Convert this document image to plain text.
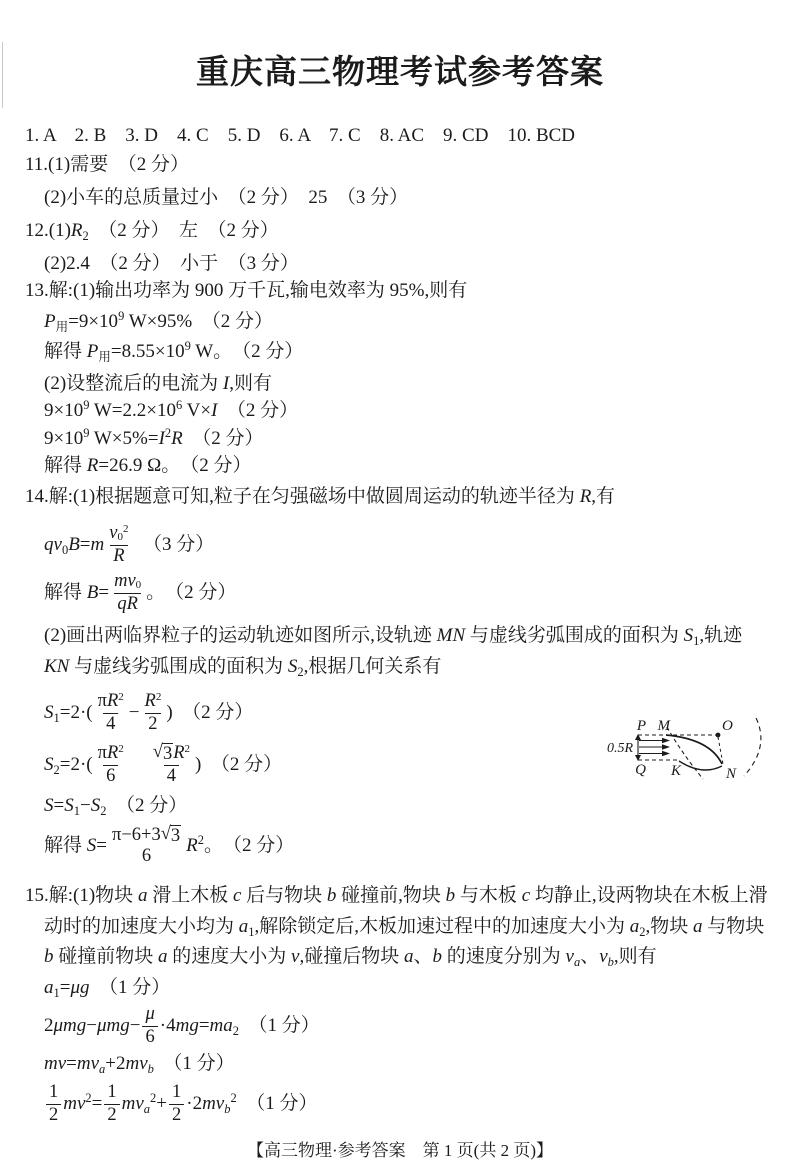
重庆高三物理考试参考答案
1. A　2. B　3. D　4. C　5. D　6. A　7. C　8. AC　9. CD　10. BCD
11.(1)需要　（2 分）
(2)小车的总质量过小　（2 分）　25　（3 分）
12.(1) R 2 　（2 分）　左　（2 分）
(2)2.4　（2 分）　小于　（3 分）
13.解:(1)输出功率为 900 万千瓦,输电效率为 95%,则有
P 用 =9×10 9 W×95%　（2 分）
解得 P 用 =8.55×10 9 W。　（2 分）
(2)设整流后的电流为 I ,则有
9×10 9 W=2.2×10 6 V× I 　（2 分）
9×10 9 W×5%= I 2 R 　（2 分）
解得 R =26.9 Ω。　（2 分）
14.解:(1)根据题意可知,粒子在匀强磁场中做圆周运动的轨迹半径为 R ,有
qv 0 B = m v 0
2
R 　（3 分）
解得 $B = \frac{mv 0}{qR}$ 。　（2 分）
(2)画出两临界粒子的运动轨迹如图所示,设轨迹 MN 与虚线劣弧围成的面积为 S 1 ,轨迹
KN 与虚线劣弧围成的面积为 S 2 ,根据几何关系有
S $1 =2\cdot( \frac{\text{π R 2}}{4} - \frac{R 2}{2}$ )　（2 分）
S $2 =2\cdot( \frac{\text{π R 2}}{6}$
　 $\frac{√ 3 R 2}{4}$ )　（2 分）
S = S 1 − S 2 　（2 分）
解得 S =
π−6+3 √ 3
6 R 2 。　（2 分）
P M	O
Q K	N
0.5R
15.解:(1)物块 a 滑上木板 c 后与物块 b 碰撞前,物块 b 与木板 c 均静止,设两物块在木板上滑
动时的加速度大小均为 a 1 ,解除锁定后,木板加速过程中的加速度大小为 a 2 ,物块 a 与物块
b 碰撞前物块 a 的速度大小为 v ,碰撞后物块 a 、 b 的速度分别为 v a 、 v b ,则有
a 1 = μg 　（1 分）
2 $\mu mg - \mu mg - \frac{\mu}{6} \cdot 4$ mg = ma 2 　（1 分）
mv = mv a +2 mv b 　（1 分）
$\frac{1}{2}$ mv $2 = \frac{1}{2}$ mv a
$2 + \frac{1}{2} \cdot 2$ mv b
2 　（1 分）
【高三物理·参考答案　第 1 页(共 2 页)】
